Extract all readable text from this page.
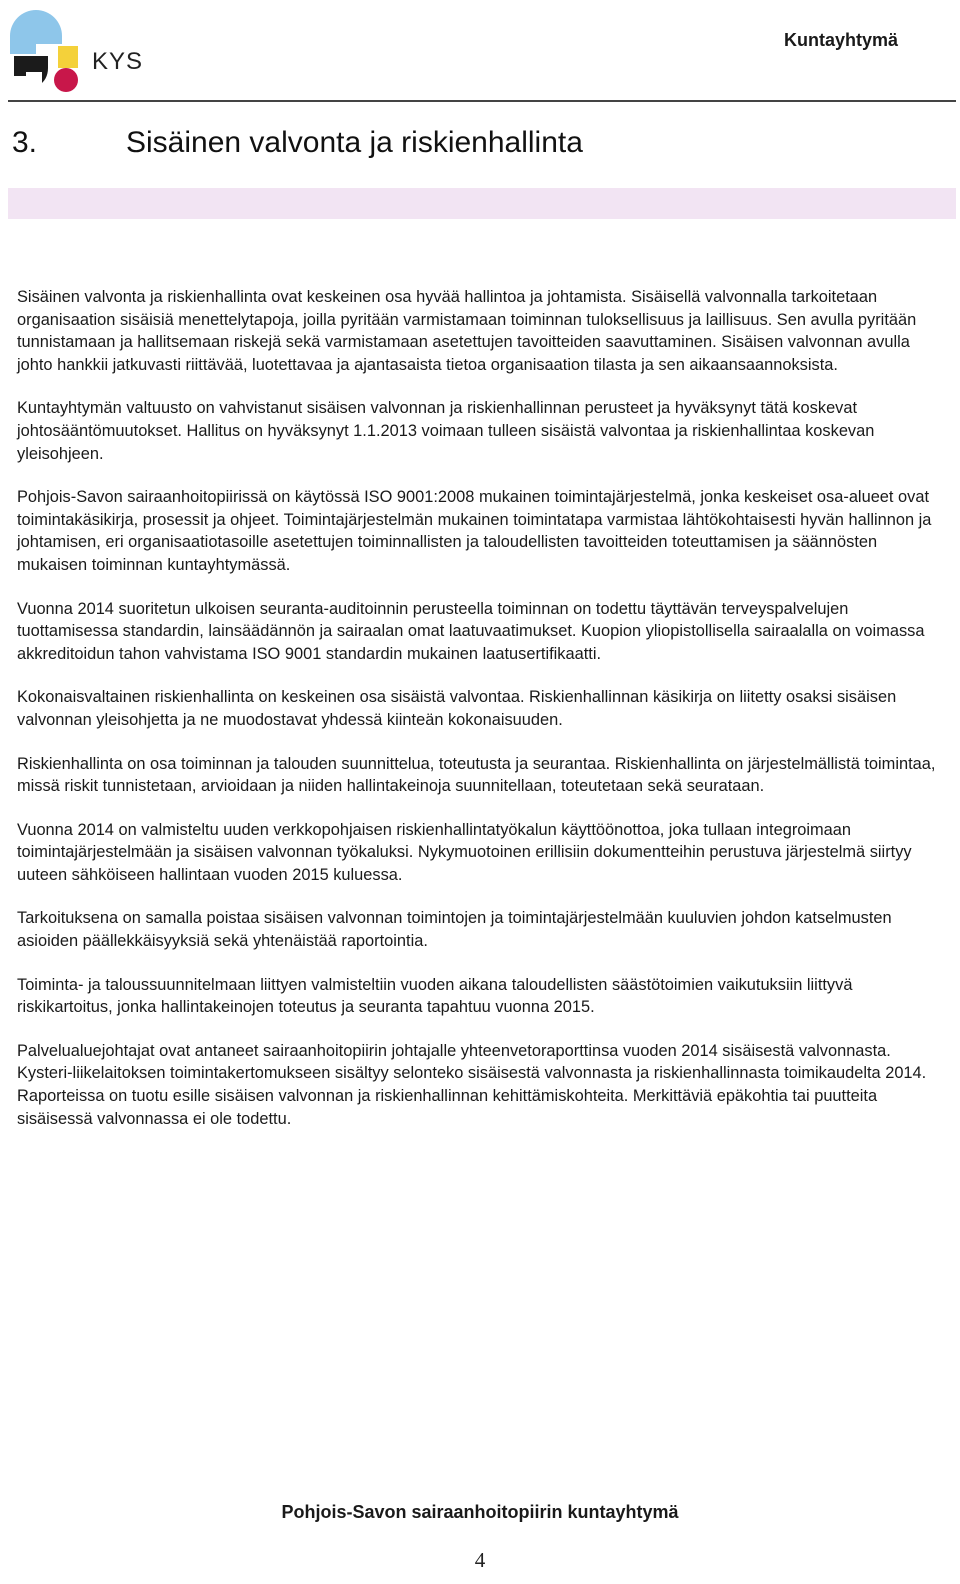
KYS
Kuntayhtymä
3.	Sisäinen valvonta ja riskienhallinta

Sisäinen valvonta ja riskienhallinta ovat keskeinen osa hyvää hallintoa ja johtamista. Sisäisellä valvonnalla tarkoitetaan organisaation sisäisiä menettelytapoja, joilla pyritään varmistamaan toiminnan tuloksellisuus ja laillisuus. Sen avulla pyritään tunnistamaan ja hallitsemaan riskejä sekä varmistamaan asetettujen tavoitteiden saavuttaminen. Sisäisen valvonnan avulla johto hankkii jatkuvasti riittävää, luotettavaa ja ajantasaista tietoa organisaation tilasta ja sen aikaansaannoksista.

Kuntayhtymän valtuusto on vahvistanut sisäisen valvonnan ja riskienhallinnan perusteet ja hyväksynyt tätä koskevat johtosääntömuutokset. Hallitus on hyväksynyt 1.1.2013 voimaan tulleen sisäistä valvontaa ja riskienhallintaa koskevan yleisohjeen.

Pohjois-Savon sairaanhoitopiirissä on käytössä ISO 9001:2008 mukainen toimintajärjestelmä, jonka keskeiset osa-alueet ovat toimintakäsikirja, prosessit ja ohjeet. Toimintajärjestelmän mukainen toimintatapa varmistaa lähtökohtaisesti hyvän hallinnon ja johtamisen, eri organisaatiotasoille asetettujen toiminnallisten ja taloudellisten tavoitteiden toteuttamisen ja säännösten mukaisen toiminnan kuntayhtymässä.

Vuonna 2014 suoritetun ulkoisen seuranta-auditoinnin perusteella toiminnan on todettu täyttävän terveyspalvelujen tuottamisessa standardin, lainsäädännön ja sairaalan omat laatuvaatimukset. Kuopion yliopistollisella sairaalalla on voimassa akkreditoidun tahon vahvistama ISO 9001 standardin mukainen laatusertifikaatti.

Kokonaisvaltainen riskienhallinta on keskeinen osa sisäistä valvontaa. Riskienhallinnan käsikirja on liitetty osaksi sisäisen valvonnan yleisohjetta ja ne muodostavat yhdessä kiinteän kokonaisuuden.

Riskienhallinta on osa toiminnan ja talouden suunnittelua, toteutusta ja seurantaa. Riskienhallinta on järjestelmällistä toimintaa, missä riskit tunnistetaan, arvioidaan ja niiden hallintakeinoja suunnitellaan, toteutetaan sekä seurataan.

Vuonna 2014 on valmisteltu uuden verkkopohjaisen riskienhallintatyökalun käyttöönottoa, joka tullaan integroimaan toimintajärjestelmään ja sisäisen valvonnan työkaluksi. Nykymuotoinen erillisiin dokumentteihin perustuva järjestelmä siirtyy uuteen sähköiseen hallintaan vuoden 2015 kuluessa.

Tarkoituksena on samalla poistaa sisäisen valvonnan toimintojen ja toimintajärjestelmään kuuluvien johdon katselmusten asioiden päällekkäisyyksiä sekä yhtenäistää raportointia.

Toiminta- ja taloussuunnitelmaan liittyen valmisteltiin vuoden aikana taloudellisten säästötoimien vaikutuksiin liittyvä riskikartoitus, jonka hallintakeinojen toteutus ja seuranta tapahtuu vuonna 2015.

Palvelualuejohtajat ovat antaneet sairaanhoitopiirin johtajalle yhteenvetoraporttinsa vuoden 2014 sisäisestä valvonnasta. Kysteri-liikelaitoksen toimintakertomukseen sisältyy selonteko sisäisestä valvonnasta ja riskienhallinnasta toimikaudelta 2014. Raporteissa on tuotu esille sisäisen valvonnan ja riskienhallinnan kehittämiskohteita. Merkittäviä epäkohtia tai puutteita sisäisessä valvonnassa ei ole todettu.

Pohjois-Savon sairaanhoitopiirin kuntayhtymä
4
